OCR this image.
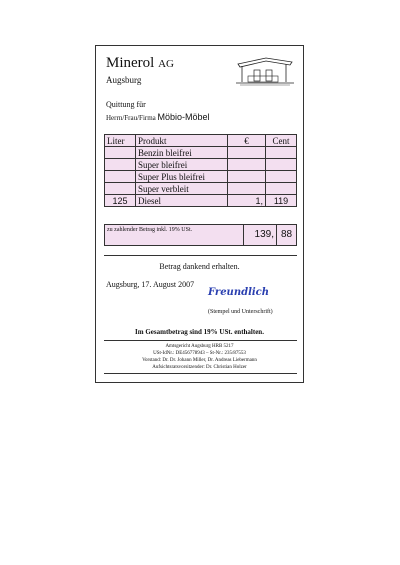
Minerol AG
Augsburg
Quittung für
Herrn/Frau/Firma Möbio-Möbel
Liter	Produkt	€	Cent
	Benzin bleifrei		
	Super bleifrei		
	Super Plus bleifrei		
	Super verbleit		
125	Diesel	1,	119
zu zahlender Betrag inkl. 19% USt.	139, 88
Betrag dankend erhalten.
Augsburg, 17. August 2007
Freundlich
(Stempel und Unterschrift)
Im Gesamtbetrag sind 19% USt. enthalten.
Amtsgericht Augsburg HRB 5217
USt-IdNr.: DE456778943 – St-Nr.: 235/87553
Vorstand: Dr. Dr. Johann Miller, Dr. Andreas Liebermann
Aufsichtsratsvorsitzender: Dr. Christian Holzer
